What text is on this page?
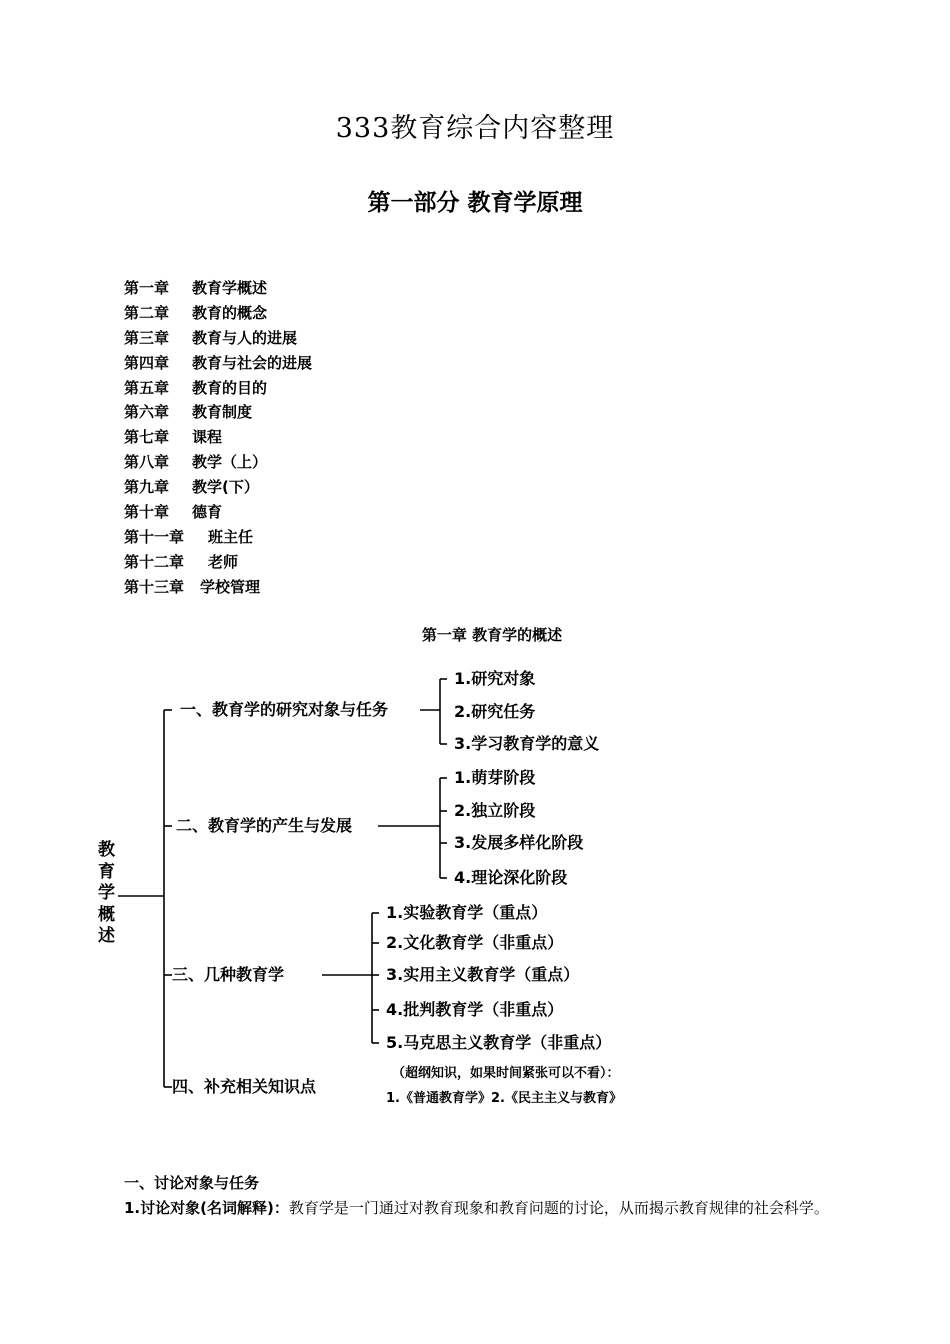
333教育综合内容整理
第一部分 教育学原理
第一章 教育学概述
第二章 教育的概念
第三章 教育与人的进展
第四章 教育与社会的进展
第五章 教育的目的
第六章 教育制度
第七章 课程
第八章 教学（上）
第九章 教学(下）
第十章 德育
第十一章 班主任
第十二章 老师
第十三章 学校管理
第一章 教育学的概述
教育学概述
一、教育学的研究对象与任务
1.研究对象
2.研究任务
3.学习教育学的意义
二、教育学的产生与发展
1.萌芽阶段
2.独立阶段
3.发展多样化阶段
4.理论深化阶段
三、几种教育学
1.实验教育学（重点）
2.文化教育学（非重点）
3.实用主义教育学（重点）
4.批判教育学（非重点）
5.马克思主义教育学（非重点）
四、补充相关知识点
（超纲知识，如果时间紧张可以不看）：
1.《普通教育学》2.《民主主义与教育》
一、讨论对象与任务

1.讨论对象(名词解释)：教育学是一门通过对教育现象和教育问题的讨论，从而揭示教育规律的社会科学。
